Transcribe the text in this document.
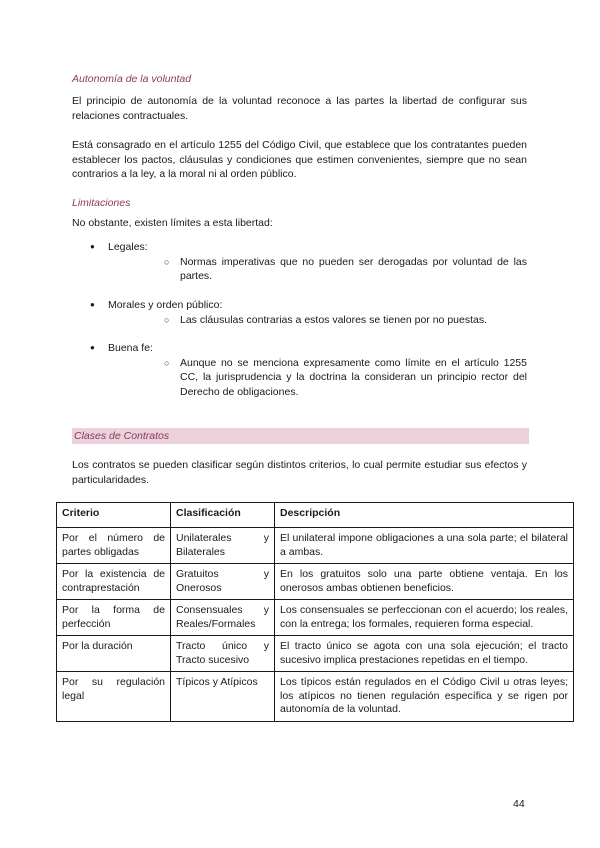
Autonomía de la voluntad

El principio de autonomía de la voluntad reconoce a las partes la libertad de configurar sus relaciones contractuales.

Está consagrado en el artículo 1255 del Código Civil, que establece que los contratantes pueden establecer los pactos, cláusulas y condiciones que estimen convenientes, siempre que no sean contrarios a la ley, a la moral ni al orden público.

Limitaciones

No obstante, existen límites a esta libertad:

● Legales:
○ Normas imperativas que no pueden ser derogadas por voluntad de las partes.
● Morales y orden público:
○ Las cláusulas contrarias a estos valores se tienen por no puestas.
● Buena fe:
○ Aunque no se menciona expresamente como límite en el artículo 1255 CC, la jurisprudencia y la doctrina la consideran un principio rector del Derecho de obligaciones.
Clases de Contratos

Los contratos se pueden clasificar según distintos criterios, lo cual permite estudiar sus efectos y particularidades.

Criterio	Clasificación	Descripción
Por el número de partes obligadas	Unilaterales y Bilaterales	El unilateral impone obligaciones a una sola parte; el bilateral a ambas.
Por la existencia de contraprestación	Gratuitos y Onerosos	En los gratuitos solo una parte obtiene ventaja. En los onerosos ambas obtienen beneficios.
Por la forma de perfección	Consensuales y Reales/Formales	Los consensuales se perfeccionan con el acuerdo; los reales, con la entrega; los formales, requieren forma especial.
Por la duración	Tracto único y Tracto sucesivo	El tracto único se agota con una sola ejecución; el tracto sucesivo implica prestaciones repetidas en el tiempo.
Por su regulación legal	Típicos y Atípicos	Los típicos están regulados en el Código Civil u otras leyes; los atípicos no tienen regulación específica y se rigen por autonomía de la voluntad.
44
